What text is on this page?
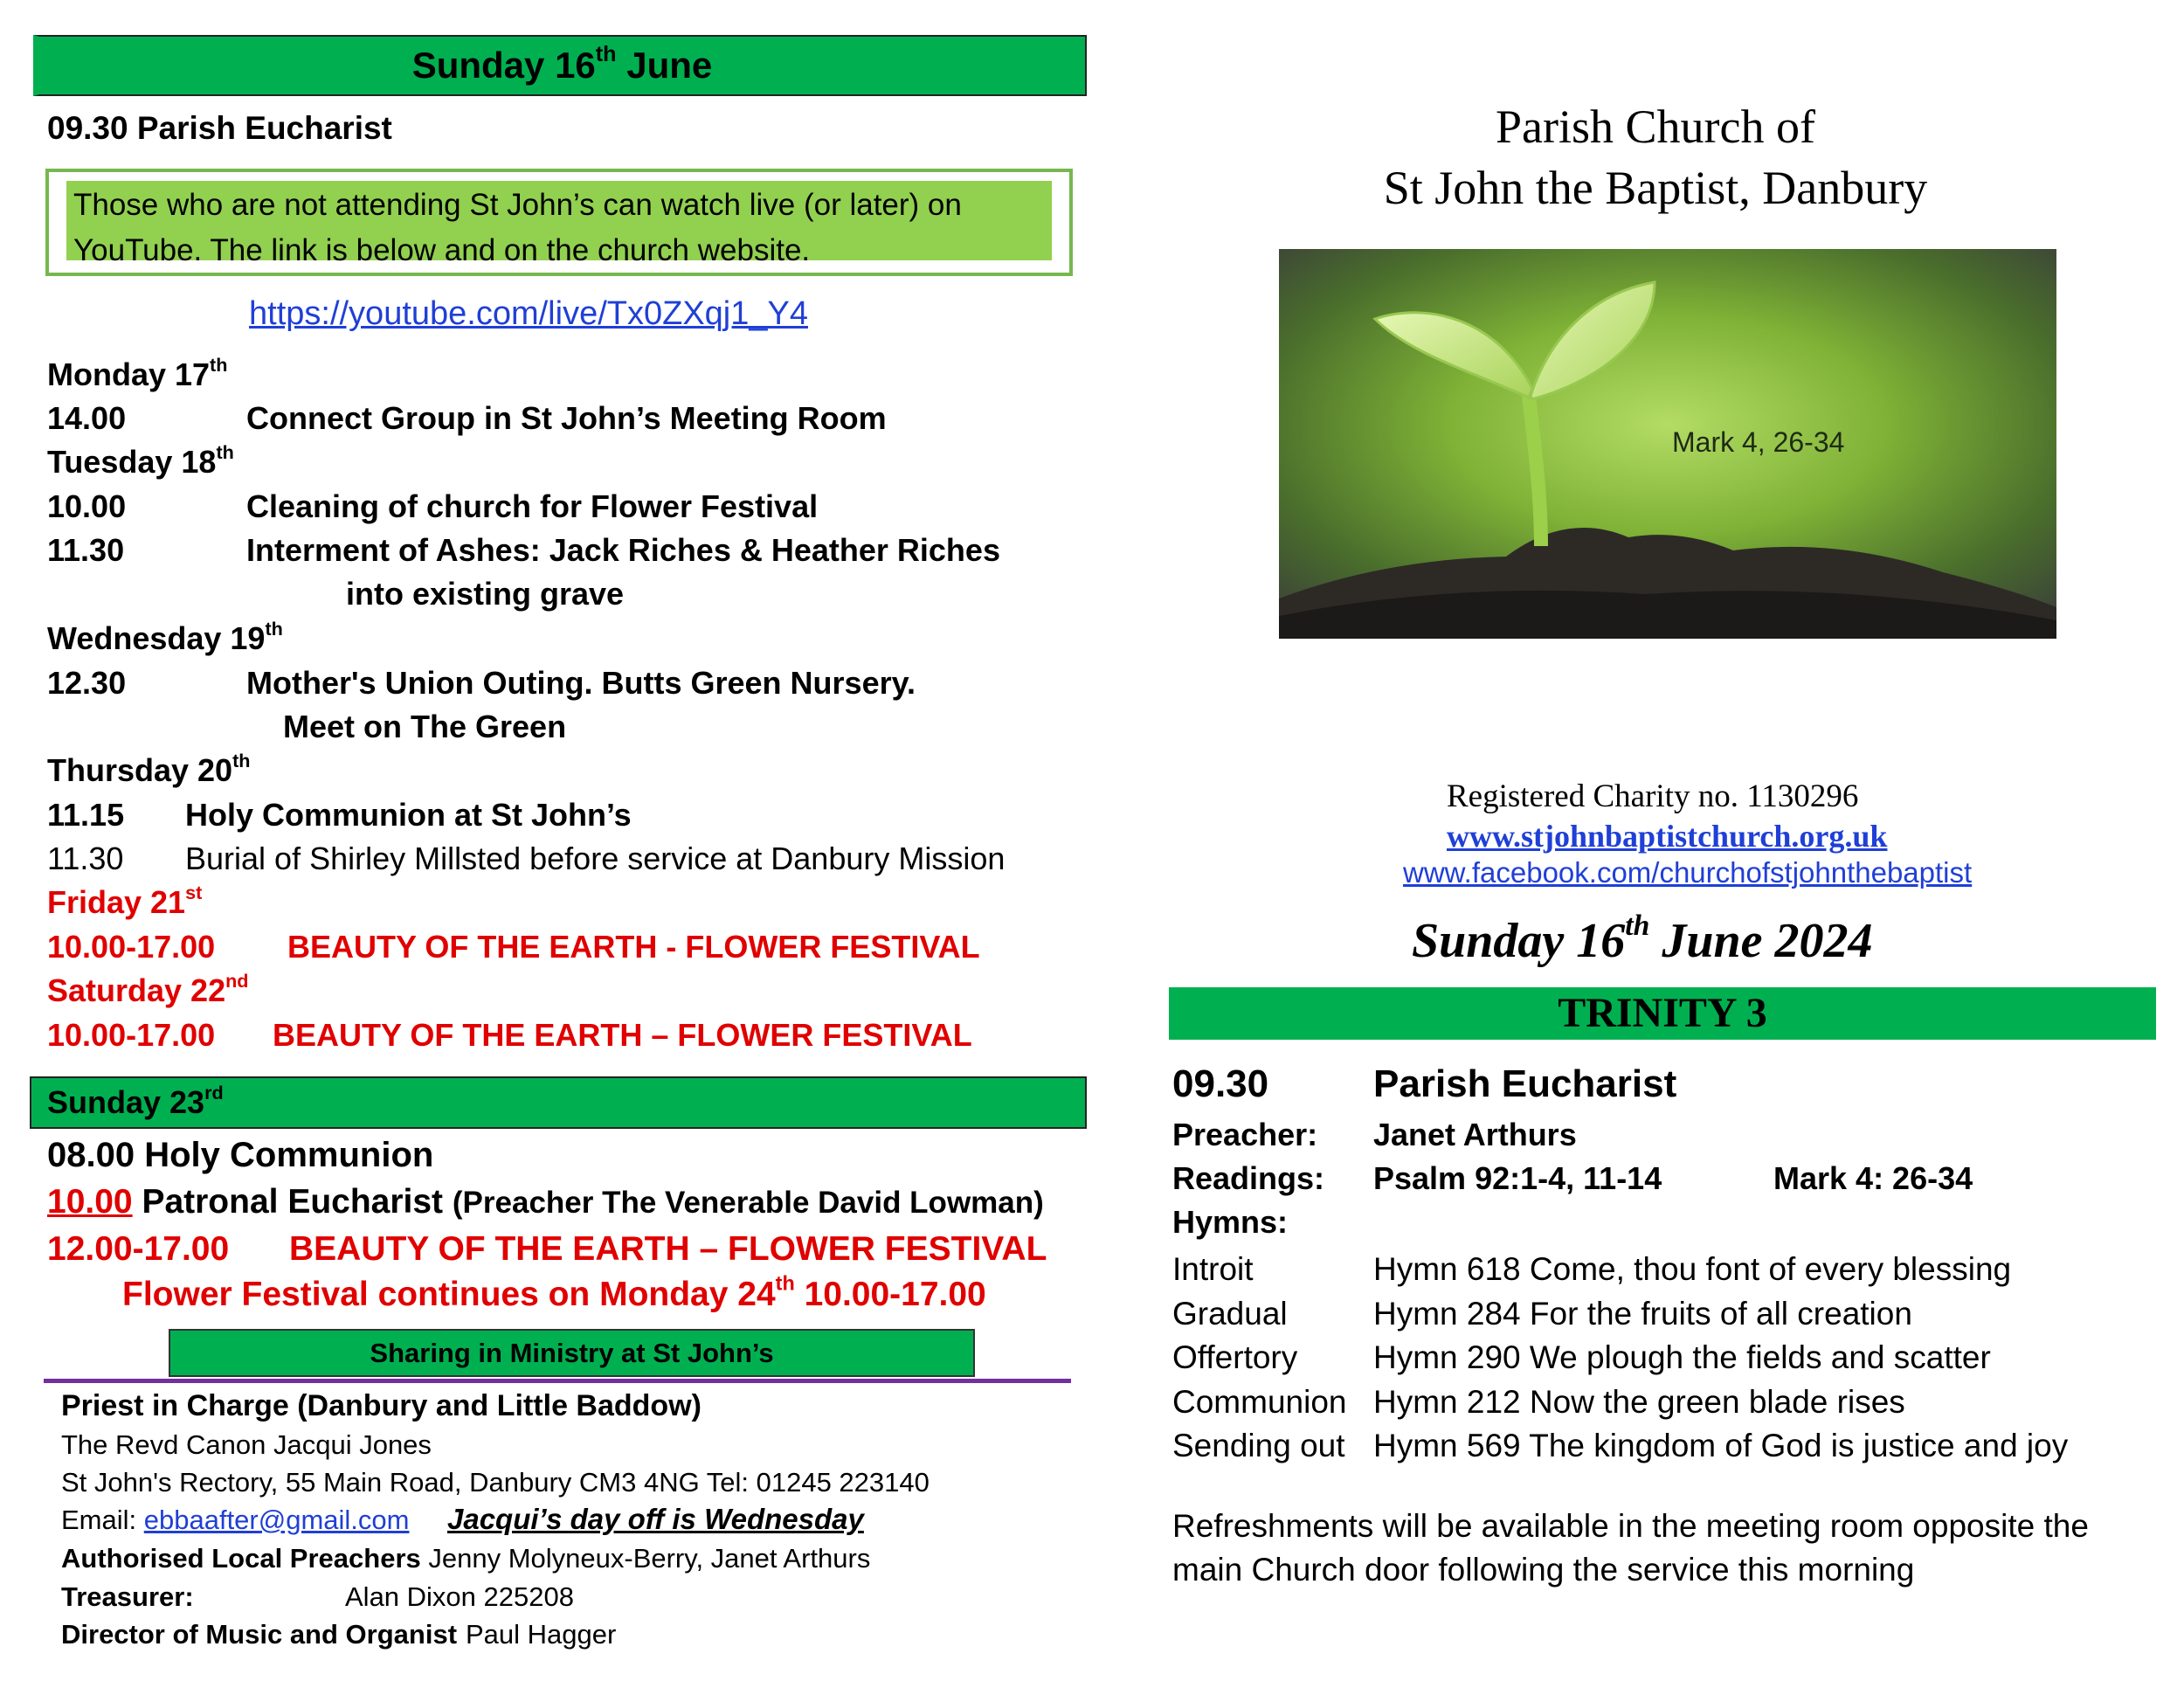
Sunday 16th June
09.30 Parish Eucharist
Those who are not attending St John’s can watch live (or later) on YouTube. The link is below and on the church website.
https://youtube.com/live/Tx0ZXqj1_Y4
Monday 17th
14.00	Connect Group in St John’s Meeting Room
Tuesday 18th
10.00	Cleaning of church for Flower Festival
11.30	Interment of Ashes: Jack Riches & Heather Riches
into existing grave
Wednesday 19th
12.30	Mother's Union Outing. Butts Green Nursery.
Meet on The Green
Thursday 20th
11.15 Holy Communion at St John’s
11.30 Burial of Shirley Millsted before service at Danbury Mission
Friday 21st
10.00-17.00 BEAUTY OF THE EARTH - FLOWER FESTIVAL
Saturday 22nd
10.00-17.00 BEAUTY OF THE EARTH – FLOWER FESTIVAL
Sunday 23rd
08.00 Holy Communion
10.00 Patronal Eucharist (Preacher The Venerable David Lowman)
12.00-17.00 BEAUTY OF THE EARTH – FLOWER FESTIVAL
Flower Festival continues on Monday 24th 10.00-17.00
Sharing in Ministry at St John’s
Priest in Charge (Danbury and Little Baddow)
The Revd Canon Jacqui Jones
St John's Rectory, 55 Main Road, Danbury CM3 4NG Tel: 01245 223140
Email: ebbaafter@gmail.com Jacqui’s day off is Wednesday
Authorised Local Preachers Jenny Molyneux-Berry, Janet Arthurs
Treasurer:	Alan Dixon 225208
Director of Music and Organist Paul Hagger
Parish Church of
St John the Baptist, Danbury
Mark 4, 26-34
Registered Charity no. 1130296
www.stjohnbaptistchurch.org.uk
www.facebook.com/churchofstjohnthebaptist
Sunday 16th June 2024
TRINITY 3
09.30	Parish Eucharist
Preacher: Janet Arthurs
Readings: Psalm 92:1-4, 11-14	Mark 4: 26-34
Hymns:
Introit	Hymn 618 Come, thou font of every blessing
Gradual	Hymn 284 For the fruits of all creation
Offertory Hymn 290 We plough the fields and scatter
Communion Hymn 212 Now the green blade rises
Sending out Hymn 569 The kingdom of God is justice and joy
Refreshments will be available in the meeting room opposite the
main Church door following the service this morning
